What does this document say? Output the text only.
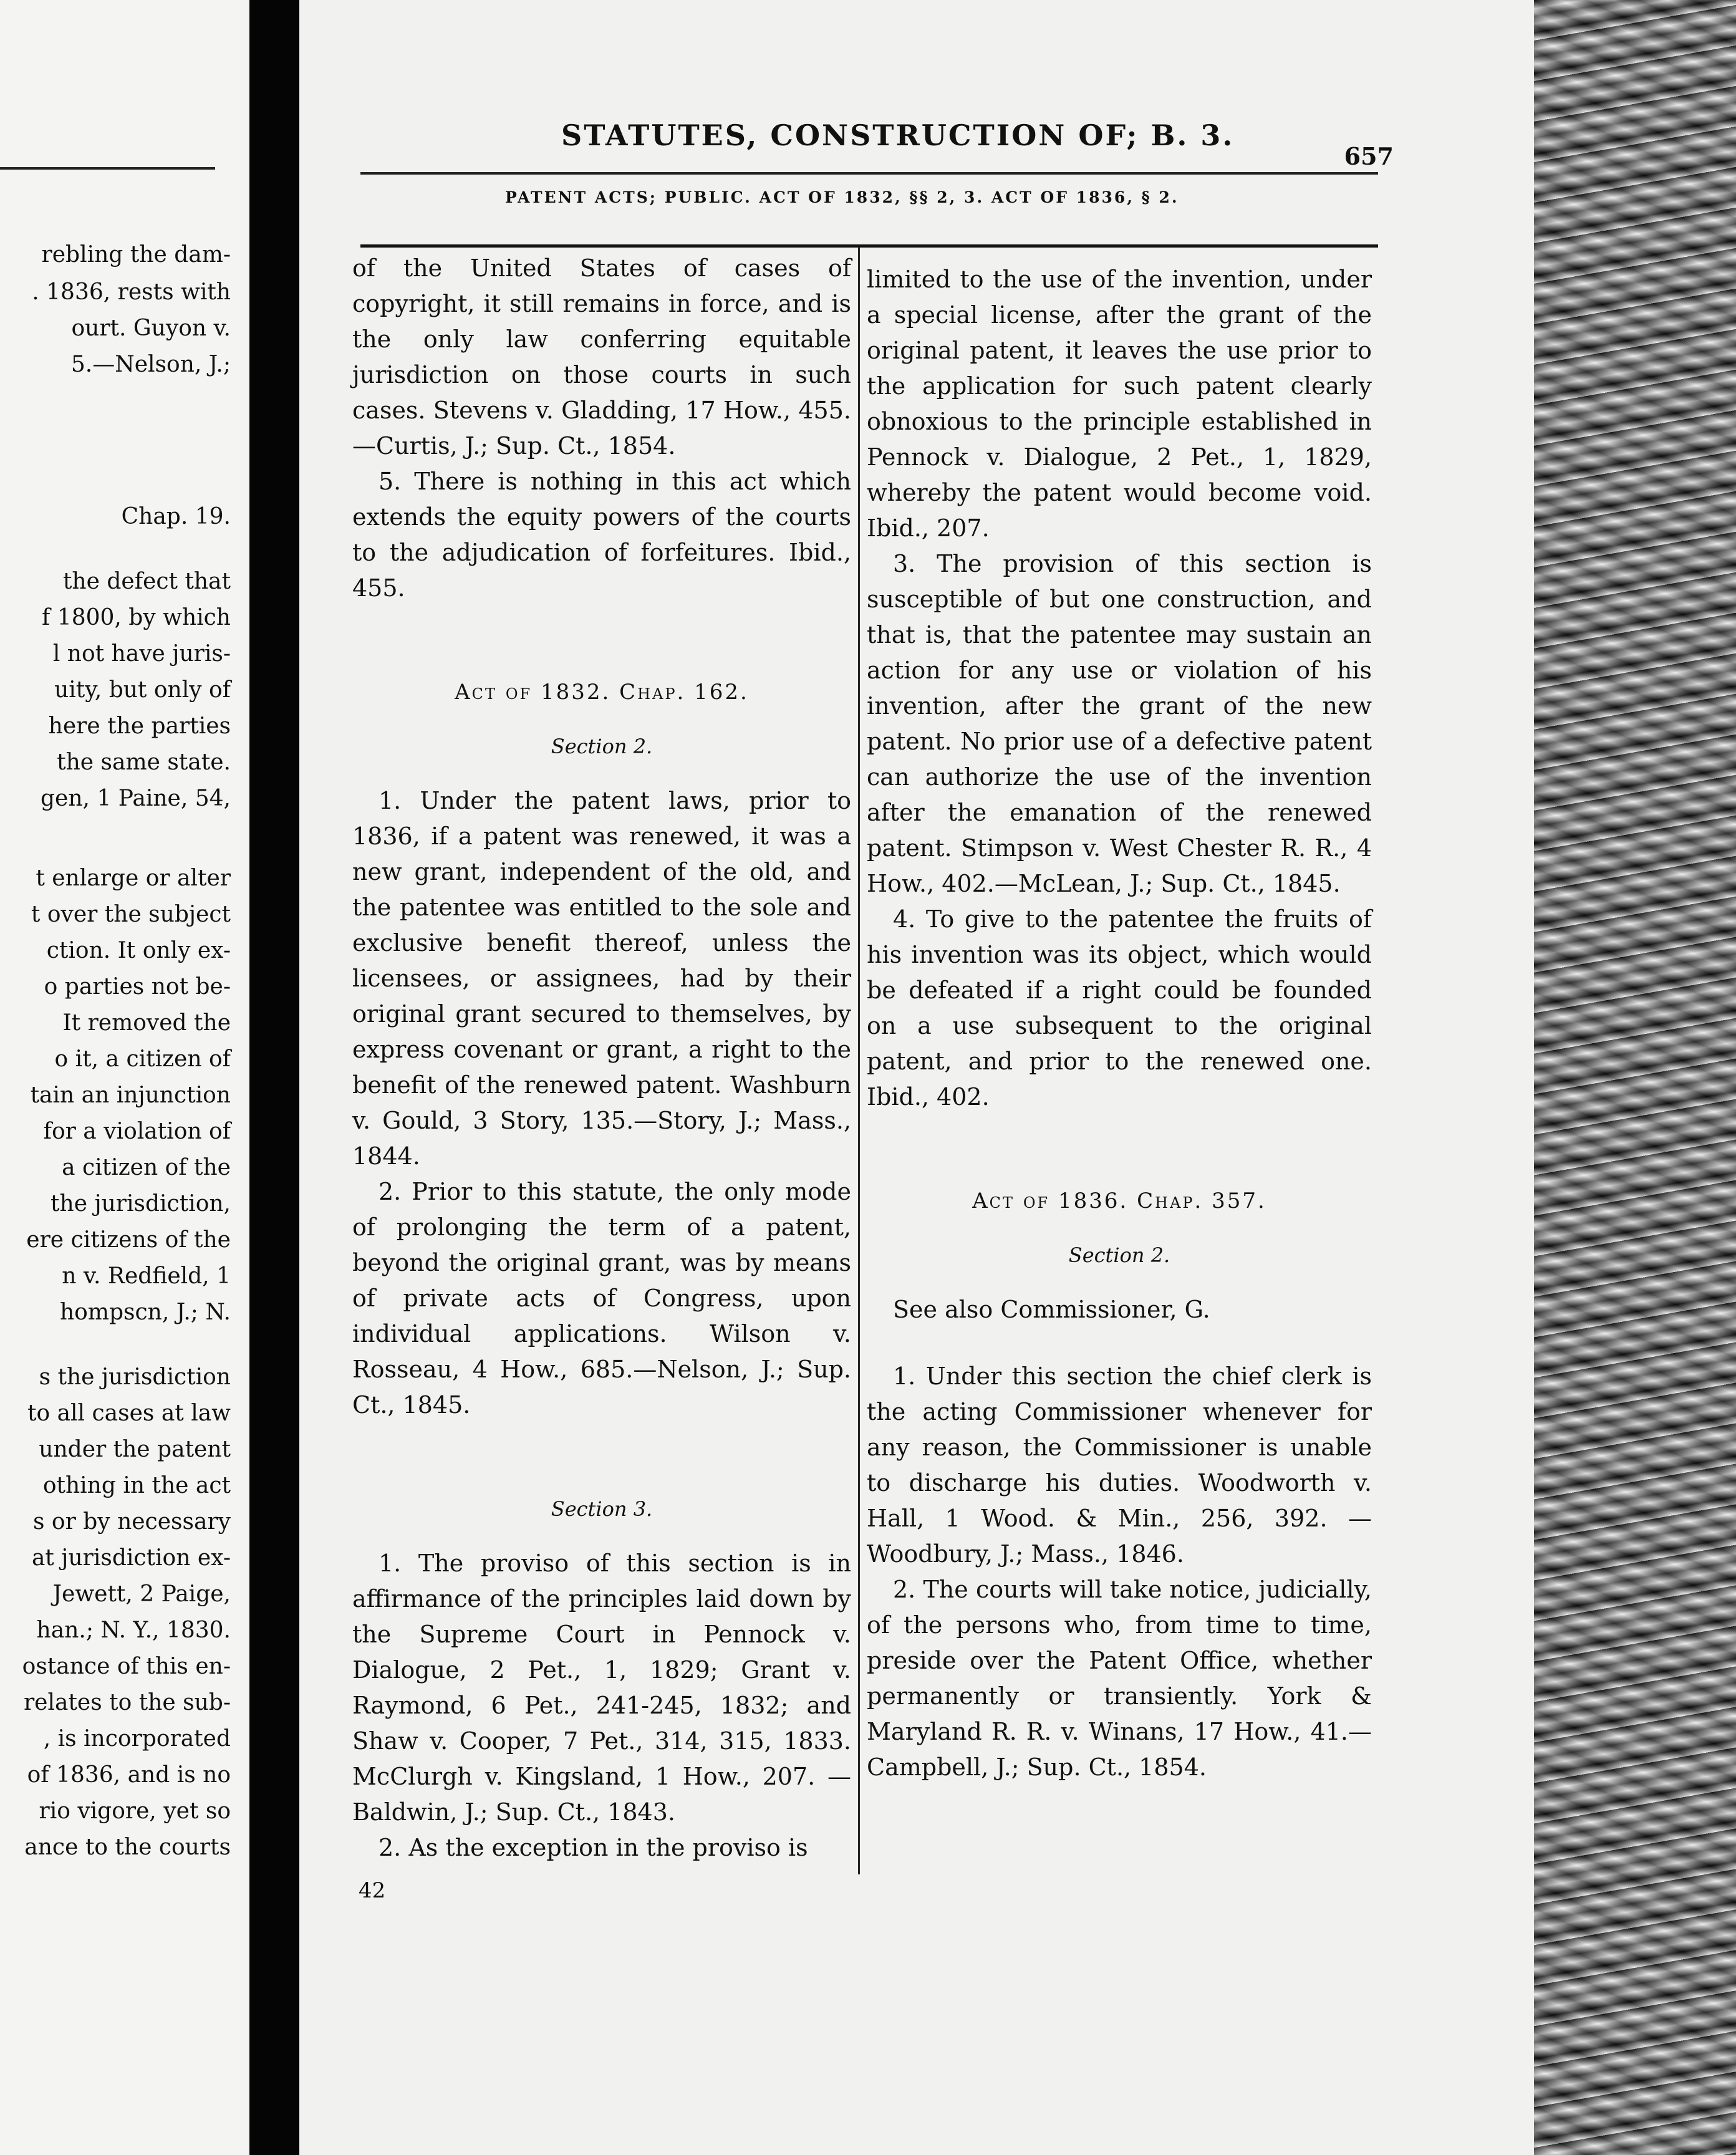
rebling the dam-
. 1836, rests with
ourt. Guyon v.
5.—Nelson, J.;
Chap. 19.
the defect that
f 1800, by which
l not have juris-
uity, but only of
here the parties
the same state.
gen, 1 Paine, 54,
t enlarge or alter
t over the subject
ction. It only ex-
o parties not be-
It removed the
o it, a citizen of
tain an injunction
for a violation of
a citizen of the
the jurisdiction,
ere citizens of the
n v. Redfield, 1
hompscn, J.; N.
s the jurisdiction
to all cases at law
under the patent
othing in the act
s or by necessary
at jurisdiction ex-
Jewett, 2 Paige,
han.; N. Y., 1830.
ostance of this en-
relates to the sub-
, is incorporated
of 1836, and is no
rio vigore, yet so
ance to the courts
STATUTES, CONSTRUCTION OF; B. 3.
657
PATENT ACTS; PUBLIC. ACT OF 1832, §§ 2, 3. ACT OF 1836, § 2.

of the United States of cases of copyright, it still remains in force, and is the only law conferring equitable jurisdiction on those courts in such cases. Stevens v. Gladding, 17 How., 455.—Curtis, J.; Sup. Ct., 1854.

5. There is nothing in this act which extends the equity powers of the courts to the adjudication of forfeitures. Ibid., 455.

Act of 1832. Chap. 162.

Section 2.

1. Under the patent laws, prior to 1836, if a patent was renewed, it was a new grant, independent of the old, and the patentee was entitled to the sole and exclusive benefit thereof, unless the licensees, or assignees, had by their original grant secured to themselves, by express covenant or grant, a right to the benefit of the renewed patent. Washburn v. Gould, 3 Story, 135.—Story, J.; Mass., 1844.

2. Prior to this statute, the only mode of prolonging the term of a patent, beyond the original grant, was by means of private acts of Congress, upon individual applications. Wilson v. Rosseau, 4 How., 685.—Nelson, J.; Sup. Ct., 1845.

Section 3.

1. The proviso of this section is in affirmance of the principles laid down by the Supreme Court in Pennock v. Dialogue, 2 Pet., 1, 1829; Grant v. Raymond, 6 Pet., 241-245, 1832; and Shaw v. Cooper, 7 Pet., 314, 315, 1833. McClurgh v. Kingsland, 1 How., 207. —Baldwin, J.; Sup. Ct., 1843.

2. As the exception in the proviso is

42

limited to the use of the invention, under a special license, after the grant of the original patent, it leaves the use prior to the application for such patent clearly obnoxious to the principle established in Pennock v. Dialogue, 2 Pet., 1, 1829, whereby the patent would become void. Ibid., 207.

3. The provision of this section is susceptible of but one construction, and that is, that the patentee may sustain an action for any use or violation of his invention, after the grant of the new patent. No prior use of a defective patent can authorize the use of the invention after the emanation of the renewed patent. Stimpson v. West Chester R. R., 4 How., 402.—McLean, J.; Sup. Ct., 1845.

4. To give to the patentee the fruits of his invention was its object, which would be defeated if a right could be founded on a use subsequent to the original patent, and prior to the renewed one. Ibid., 402.

Act of 1836. Chap. 357.

Section 2.

See also Commissioner, G.

1. Under this section the chief clerk is the acting Commissioner whenever for any reason, the Commissioner is unable to discharge his duties. Woodworth v. Hall, 1 Wood. & Min., 256, 392. —Woodbury, J.; Mass., 1846.

2. The courts will take notice, judicially, of the persons who, from time to time, preside over the Patent Office, whether permanently or transiently. York & Maryland R. R. v. Winans, 17 How., 41.—Campbell, J.; Sup. Ct., 1854.
